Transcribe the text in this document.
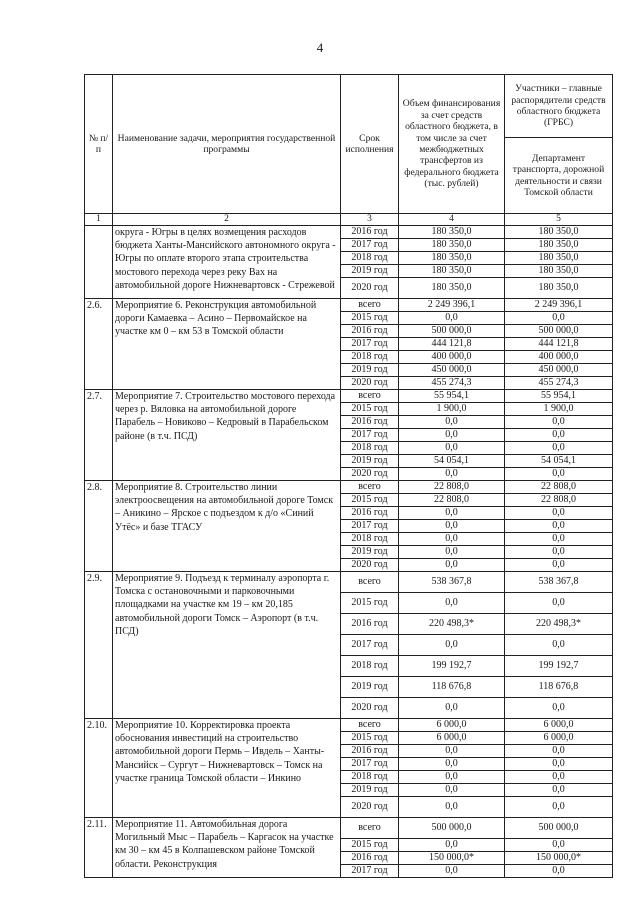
4
№ п/п	Наименование задачи, мероприятия государственной программы	Срок исполнения	Объем финансирования за счет средств областного бюджета, в том числе за счет межбюджетных трансфертов из федерального бюджета (тыс. рублей)	Участники – главные распорядители средств областного бюджета (ГРБС)
				Департамент транспорта, дорожной деятельности и связи Томской области
1	2	3	4	5
	округа - Югры в целях возмещения расходов бюджета Ханты-Мансийского автономного округа - Югры по оплате второго этапа строительства мостового перехода через реку Вах на автомобильной дороге Нижневартовск - Стрежевой	2016 год	180 350,0	180 350,0
		2017 год	180 350,0	180 350,0
		2018 год	180 350,0	180 350,0
		2019 год	180 350,0	180 350,0
		2020 год	180 350,0	180 350,0
2.6.	Мероприятие 6. Реконструкция автомобильной дороги Камаевка – Асино – Первомайское на участке км 0 – км 53 в Томской области	всего	2 249 396,1	2 249 396,1
		2015 год	0,0	0,0
		2016 год	500 000,0	500 000,0
		2017 год	444 121,8	444 121,8
		2018 год	400 000,0	400 000,0
		2019 год	450 000,0	450 000,0
		2020 год	455 274,3	455 274,3
2.7.	Мероприятие 7. Строительство мостового перехода через р. Вяловка на автомобильной дороге Парабель – Новиково – Кедровый в Парабельском районе (в т.ч. ПСД)	всего	55 954,1	55 954,1
		2015 год	1 900,0	1 900,0
		2016 год	0,0	0,0
		2017 год	0,0	0,0
		2018 год	0,0	0,0
		2019 год	54 054,1	54 054,1
		2020 год	0,0	0,0
2.8.	Мероприятие 8. Строительство линии электроосвещения на автомобильной дороге Томск – Аникино – Ярское с подъездом к д/о «Синий Утёс» и базе ТГАСУ	всего	22 808,0	22 808,0
		2015 год	22 808,0	22 808,0
		2016 год	0,0	0,0
		2017 год	0,0	0,0
		2018 год	0,0	0,0
		2019 год	0,0	0,0
		2020 год	0,0	0,0
2.9.	Мероприятие 9. Подъезд к терминалу аэропорта г. Томска с остановочными и парковочными площадками на участке км 19 – км 20,185 автомобильной дороги Томск – Аэропорт (в т.ч. ПСД)	всего	538 367,8	538 367,8
		2015 год	0,0	0,0
		2016 год	220 498,3*	220 498,3*
		2017 год	0,0	0,0
		2018 год	199 192,7	199 192,7
		2019 год	118 676,8	118 676,8
		2020 год	0,0	0,0
2.10.	Мероприятие 10. Корректировка проекта обоснования инвестиций на строительство автомобильной дороги Пермь – Ивдель – Ханты-Мансийск – Сургут – Нижневартовск – Томск на участке граница Томской области – Инкино	всего	6 000,0	6 000,0
		2015 год	6 000,0	6 000,0
		2016 год	0,0	0,0
		2017 год	0,0	0,0
		2018 год	0,0	0,0
		2019 год	0,0	0,0
		2020 год	0,0	0,0
2.11.	Мероприятие 11. Автомобильная дорога Могильный Мыс – Парабель – Каргасок на участке км 30 – км 45 в Колпашевском районе Томской области. Реконструкция	всего	500 000,0	500 000,0
		2015 год	0,0	0,0
		2016 год	150 000,0*	150 000,0*
		2017 год	0,0	0,0
